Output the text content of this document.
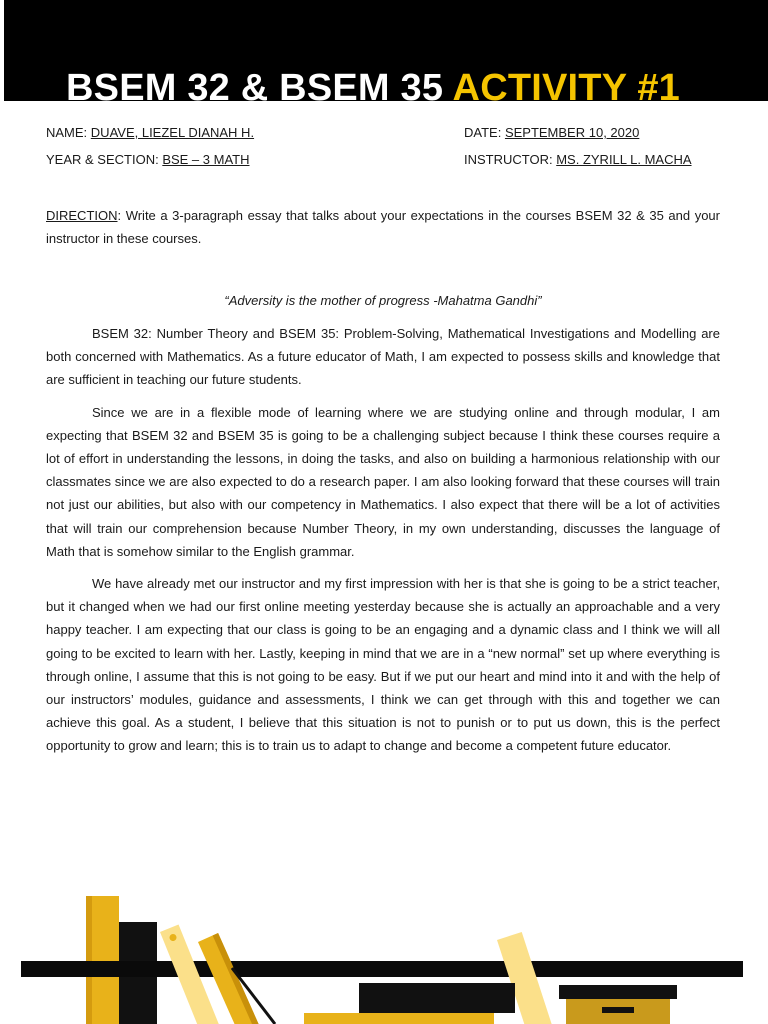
BSEM 32 & BSEM 35 ACTIVITY #1
NAME: DUAVE, LIEZEL DIANAH H.	DATE: SEPTEMBER 10, 2020
YEAR & SECTION: BSE – 3 MATH	INSTRUCTOR: MS. ZYRILL L. MACHA
DIRECTION: Write a 3-paragraph essay that talks about your expectations in the courses BSEM 32 & 35 and your instructor in these courses.
“Adversity is the mother of progress -Mahatma Gandhi”

BSEM 32: Number Theory and BSEM 35: Problem-Solving, Mathematical Investigations and Modelling are both concerned with Mathematics. As a future educator of Math, I am expected to possess skills and knowledge that are sufficient in teaching our future students.

Since we are in a flexible mode of learning where we are studying online and through modular, I am expecting that BSEM 32 and BSEM 35 is going to be a challenging subject because I think these courses require a lot of effort in understanding the lessons, in doing the tasks, and also on building a harmonious relationship with our classmates since we are also expected to do a research paper. I am also looking forward that these courses will train not just our abilities, but also with our competency in Mathematics. I also expect that there will be a lot of activities that will train our comprehension because Number Theory, in my own understanding, discusses the language of Math that is somehow similar to the English grammar.

We have already met our instructor and my first impression with her is that she is going to be a strict teacher, but it changed when we had our first online meeting yesterday because she is actually an approachable and a very happy teacher. I am expecting that our class is going to be an engaging and a dynamic class and I think we will all going to be excited to learn with her. Lastly, keeping in mind that we are in a “new normal” set up where everything is through online, I assume that this is not going to be easy. But if we put our heart and mind into it and with the help of our instructors’ modules, guidance and assessments, I think we can get through with this and together we can achieve this goal. As a student, I believe that this situation is not to punish or to put us down, this is the perfect opportunity to grow and learn; this is to train us to adapt to change and become a competent future educator.
